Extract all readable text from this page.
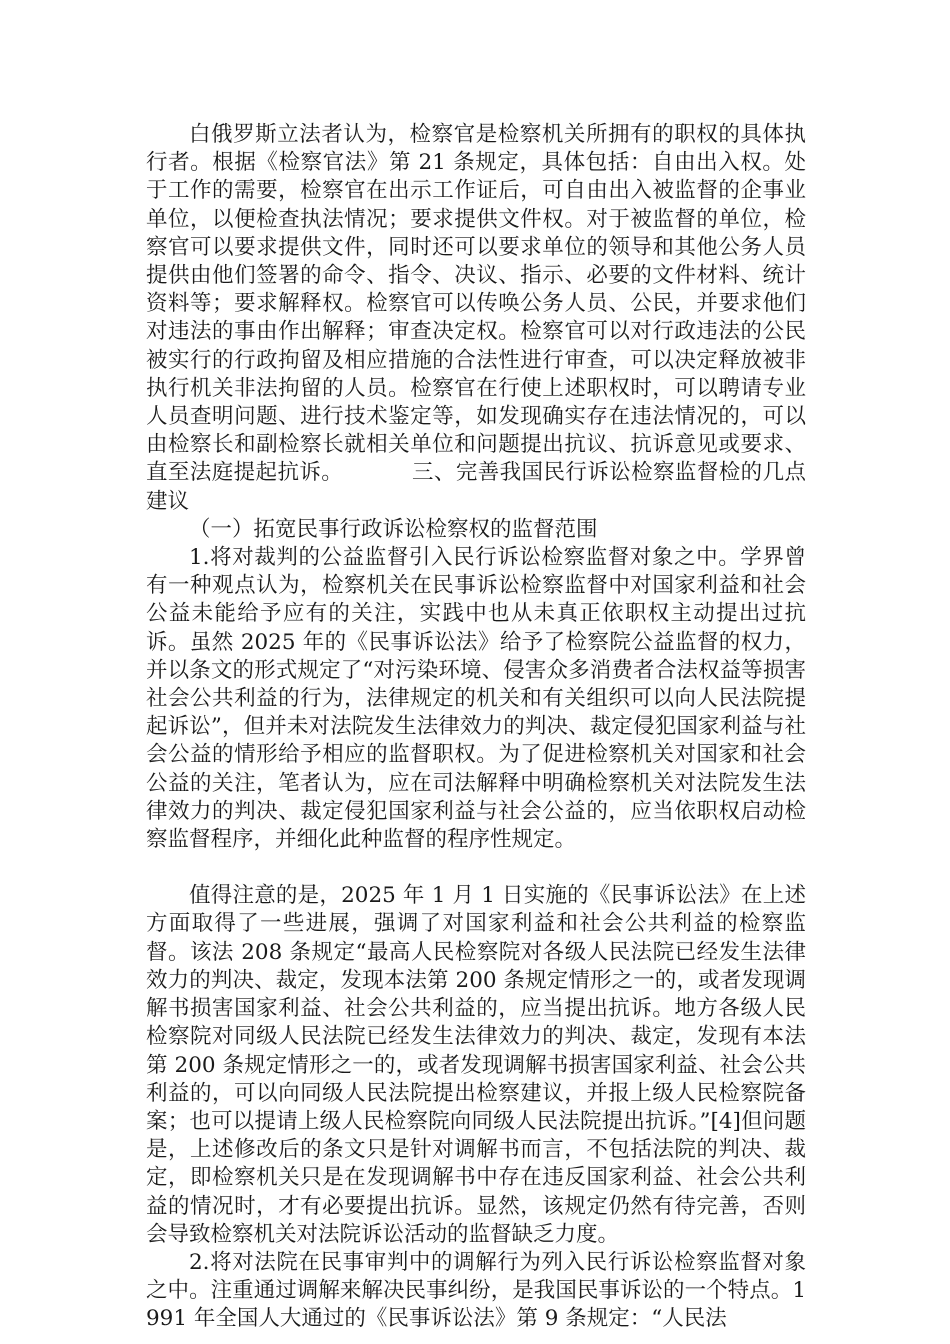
白俄罗斯立法者认为，检察官是检察机关所拥有的职权的具体执行者。根据《检察官法》第 21 条规定，具体包括：自由出入权。处于工作的需要，检察官在出示工作证后，可自由出入被监督的企事业单位，以便检查执法情况；要求提供文件权。对于被监督的单位，检察官可以要求提供文件，同时还可以要求单位的领导和其他公务人员提供由他们签署的命令、指令、决议、指示、必要的文件材料、统计资料等；要求解释权。检察官可以传唤公务人员、公民，并要求他们对违法的事由作出解释；审查决定权。检察官可以对行政违法的公民被实行的行政拘留及相应措施的合法性进行审查，可以决定释放被非执行机关非法拘留的人员。检察官在行使上述职权时，可以聘请专业人员查明问题、进行技术鉴定等，如发现确实存在违法情况的，可以由检察长和副检察长就相关单位和问题提出抗议、抗诉意见或要求、直至法庭提起抗诉。	三、完善我国民行诉讼检察监督检的几点建议

（一）拓宽民事行政诉讼检察权的监督范围

1.将对裁判的公益监督引入民行诉讼检察监督对象之中。学界曾有一种观点认为，检察机关在民事诉讼检察监督中对国家利益和社会公益未能给予应有的关注，实践中也从未真正依职权主动提出过抗诉。虽然 2025 年的《民事诉讼法》给予了检察院公益监督的权力，并以条文的形式规定了“对污染环境、侵害众多消费者合法权益等损害社会公共利益的行为，法律规定的机关和有关组织可以向人民法院提起诉讼”，但并未对法院发生法律效力的判决、裁定侵犯国家利益与社会公益的情形给予相应的监督职权。为了促进检察机关对国家和社会公益的关注，笔者认为，应在司法解释中明确检察机关对法院发生法律效力的判决、裁定侵犯国家利益与社会公益的，应当依职权启动检察监督程序，并细化此种监督的程序性规定。

值得注意的是，2025 年 1 月 1 日实施的《民事诉讼法》在上述方面取得了一些进展，强调了对国家利益和社会公共利益的检察监督。该法 208 条规定“最高人民检察院对各级人民法院已经发生法律效力的判决、裁定，发现本法第 200 条规定情形之一的，或者发现调解书损害国家利益、社会公共利益的，应当提出抗诉。地方各级人民检察院对同级人民法院已经发生法律效力的判决、裁定，发现有本法第 200 条规定情形之一的，或者发现调解书损害国家利益、社会公共利益的，可以向同级人民法院提出检察建议，并报上级人民检察院备案；也可以提请上级人民检察院向同级人民法院提出抗诉。”[4]但问题是，上述修改后的条文只是针对调解书而言，不包括法院的判决、裁定，即检察机关只是在发现调解书中存在违反国家利益、社会公共利益的情况时，才有必要提出抗诉。显然，该规定仍然有待完善，否则会导致检察机关对法院诉讼活动的监督缺乏力度。

2.将对法院在民事审判中的调解行为列入民行诉讼检察监督对象之中。注重通过调解来解决民事纠纷，是我国民事诉讼的一个特点。1991 年全国人大通过的《民事诉讼法》第 9 条规定：“人民法
